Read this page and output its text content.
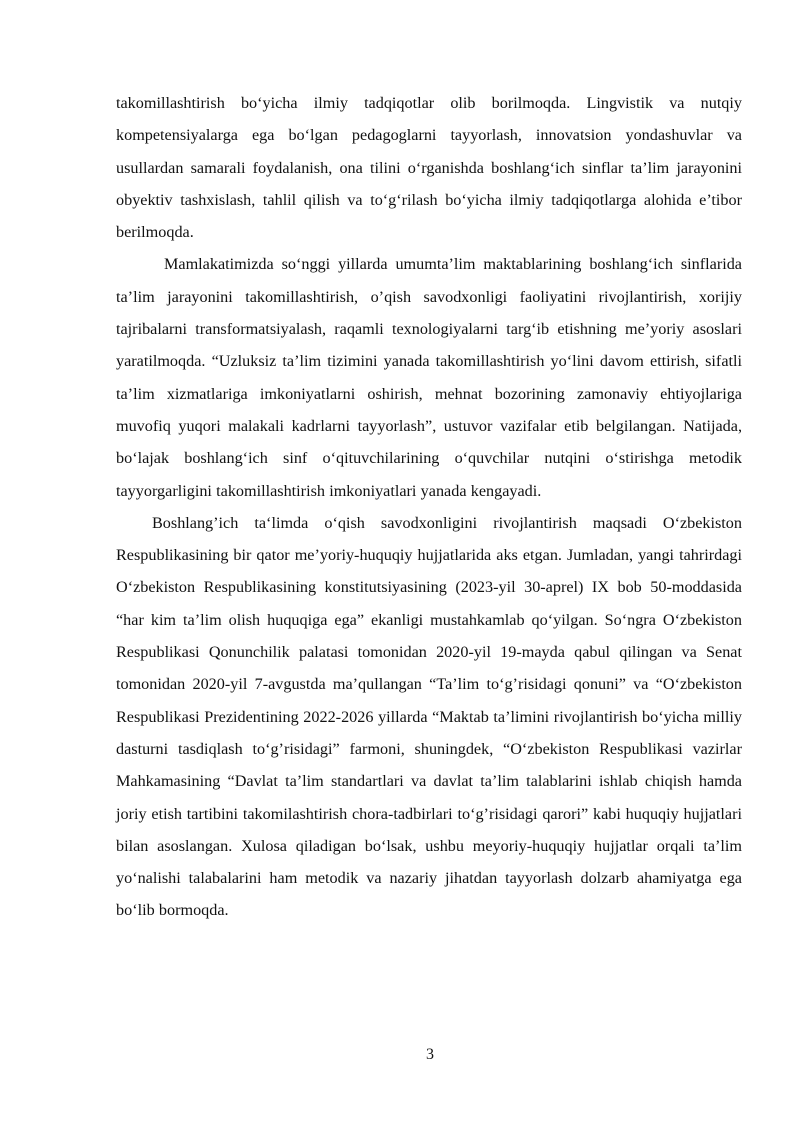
takomillashtirish bo‘yicha ilmiy tadqiqotlar olib borilmoqda. Lingvistik va nutqiy kompetensiyalarga ega bo‘lgan pedagoglarni tayyorlash, innovatsion yondashuvlar va usullardan samarali foydalanish, ona tilini o‘rganishda boshlang‘ich sinflar ta’lim jarayonini obyektiv tashxislash, tahlil qilish va to‘g‘rilash bo‘yicha ilmiy tadqiqotlarga alohida e’tibor berilmoqda.

Mamlakatimizda so‘nggi yillarda umumta’lim maktablarining boshlang‘ich sinflarida ta’lim jarayonini takomillashtirish, o’qish savodxonligi faoliyatini rivojlantirish, xorijiy tajribalarni transformatsiyalash, raqamli texnologiyalarni targ‘ib etishning me’yoriy asoslari yaratilmoqda. “Uzluksiz ta’lim tizimini yanada takomillashtirish yo‘lini davom ettirish, sifatli ta’lim xizmatlariga imkoniyatlarni oshirish, mehnat bozorining zamonaviy ehtiyojlariga muvofiq yuqori malakali kadrlarni tayyorlash”, ustuvor vazifalar etib belgilangan. Natijada, bo‘lajak boshlang‘ich sinf o‘qituvchilarining o‘quvchilar nutqini o‘stirishga metodik tayyorgarligini takomillashtirish imkoniyatlari yanada kengayadi.

Boshlang’ich ta‘limda o‘qish savodxonligini rivojlantirish maqsadi O‘zbekiston Respublikasining bir qator me’yoriy-huquqiy hujjatlarida aks etgan. Jumladan, yangi tahrirdagi O‘zbekiston Respublikasining konstitutsiyasining (2023-yil 30-aprel) IX bob 50-moddasida “har kim ta’lim olish huquqiga ega” ekanligi mustahkamlab qo‘yilgan. So‘ngra O‘zbekiston Respublikasi Qonunchilik palatasi tomonidan 2020-yil 19-mayda qabul qilingan va Senat tomonidan 2020-yil 7-avgustda ma’qullangan “Ta’lim to‘g’risidagi qonuni” va “O‘zbekiston Respublikasi Prezidentining 2022-2026 yillarda “Maktab ta’limini rivojlantirish bo‘yicha milliy dasturni tasdiqlash to‘g’risidagi” farmoni, shuningdek, “O‘zbekiston Respublikasi vazirlar Mahkamasining “Davlat ta’lim standartlari va davlat ta’lim talablarini ishlab chiqish hamda joriy etish tartibini takomilashtirish chora-tadbirlari to‘g’risidagi qarori” kabi huquqiy hujjatlari bilan asoslangan. Xulosa qiladigan bo‘lsak, ushbu meyoriy-huquqiy hujjatlar orqali ta’lim yo‘nalishi talabalarini ham metodik va nazariy jihatdan tayyorlash dolzarb ahamiyatga ega bo‘lib bormoqda.

3
